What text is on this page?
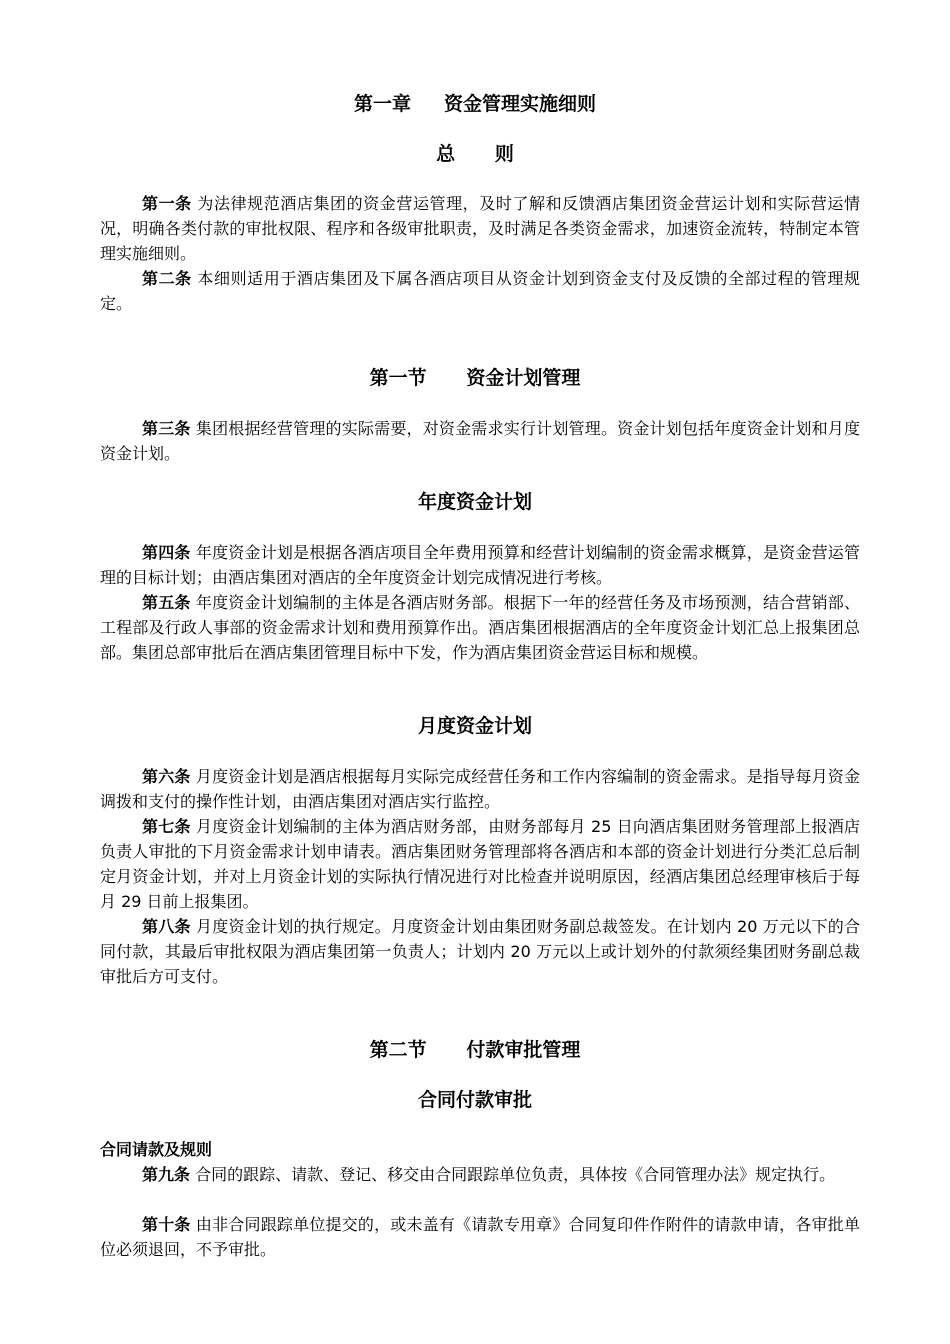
第一章     资金管理实施细则
总      则
第一条 为法律规范酒店集团的资金营运管理，及时了解和反馈酒店集团资金营运计划和实际营运情况，明确各类付款的审批权限、程序和各级审批职责，及时满足各类资金需求，加速资金流转，特制定本管理实施细则。
第二条 本细则适用于酒店集团及下属各酒店项目从资金计划到资金支付及反馈的全部过程的管理规定。
第一节      资金计划管理
第三条 集团根据经营管理的实际需要，对资金需求实行计划管理。资金计划包括年度资金计划和月度资金计划。
年度资金计划
第四条 年度资金计划是根据各酒店项目全年费用预算和经营计划编制的资金需求概算，是资金营运管理的目标计划；由酒店集团对酒店的全年度资金计划完成情况进行考核。
第五条 年度资金计划编制的主体是各酒店财务部。根据下一年的经营任务及市场预测，结合营销部、工程部及行政人事部的资金需求计划和费用预算作出。酒店集团根据酒店的全年度资金计划汇总上报集团总部。集团总部审批后在酒店集团管理目标中下发，作为酒店集团资金营运目标和规模。
月度资金计划
第六条 月度资金计划是酒店根据每月实际完成经营任务和工作内容编制的资金需求。是指导每月资金调拨和支付的操作性计划，由酒店集团对酒店实行监控。
第七条 月度资金计划编制的主体为酒店财务部，由财务部每月 25 日向酒店集团财务管理部上报酒店负责人审批的下月资金需求计划申请表。酒店集团财务管理部将各酒店和本部的资金计划进行分类汇总后制定月资金计划，并对上月资金计划的实际执行情况进行对比检查并说明原因，经酒店集团总经理审核后于每月 29 日前上报集团。
第八条 月度资金计划的执行规定。月度资金计划由集团财务副总裁签发。在计划内 20 万元以下的合同付款，其最后审批权限为酒店集团第一负责人；计划内 20 万元以上或计划外的付款须经集团财务副总裁审批后方可支付。
第二节      付款审批管理
合同付款审批
合同请款及规则
第九条 合同的跟踪、请款、登记、移交由合同跟踪单位负责，具体按《合同管理办法》规定执行。
第十条 由非合同跟踪单位提交的，或未盖有《请款专用章》合同复印件作附件的请款申请，各审批单位必须退回，不予审批。
